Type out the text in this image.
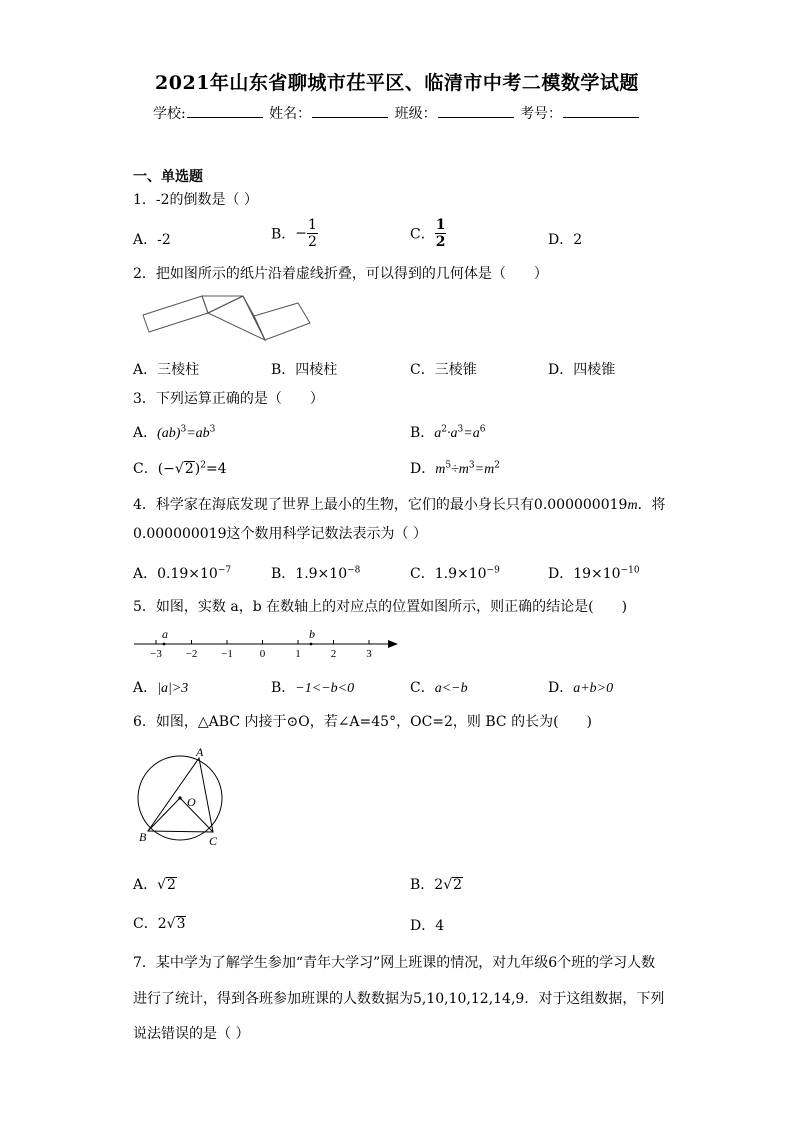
2021年山东省聊城市茌平区、临清市中考二模数学试题
学校:	姓名：	班级：	考号：
一、单选题
1．-2的倒数是（ ）
A．-2	B．− $\frac{1}{2}$	C． $\frac{1}{2}$	D．2
2．把如图所示的纸片沿着虚线折叠，可以得到的几何体是（　　）
A．三棱柱	B．四棱柱	C．三棱锥	D．四棱锥
3．下列运算正确的是（　　）
A．$(ab)^3=ab^3$	B．$a^2\cdot a^3=a^6$
C．$(-√2)^2=4$	D．$m^5\div m^3=m^2$
4．科学家在海底发现了世界上最小的生物，它们的最小身长只有0.000000019m．将
0.000000019这个数用科学记数法表示为（ ）
A．$0.19\times 10^{-7}$	B．$1.9\times 10^{-8}$	C．$1.9\times 10^{-9}$	D．$19\times 10^{-10}$
5．如图，实数 a，b 在数轴上的对应点的位置如图所示，则正确的结论是(　　)
−3 −2 −1 0	1	2	3
a	b
A．|a|>3	B．−1<−b<0	C．a<−b	D．a+b>0
6．如图，△ABC 内接于⊙O，若∠A=45°，OC=2，则 BC 的长为(　　)
A
B	C
O
A．√2	B．2√2
C．2√3	D．4
7．某中学为了解学生参加“青年大学习”网上班课的情况，对九年级6个班的学习人数
进行了统计，得到各班参加班课的人数数据为5,10,10,12,14,9．对于这组数据，下列
说法错误的是（ ）
